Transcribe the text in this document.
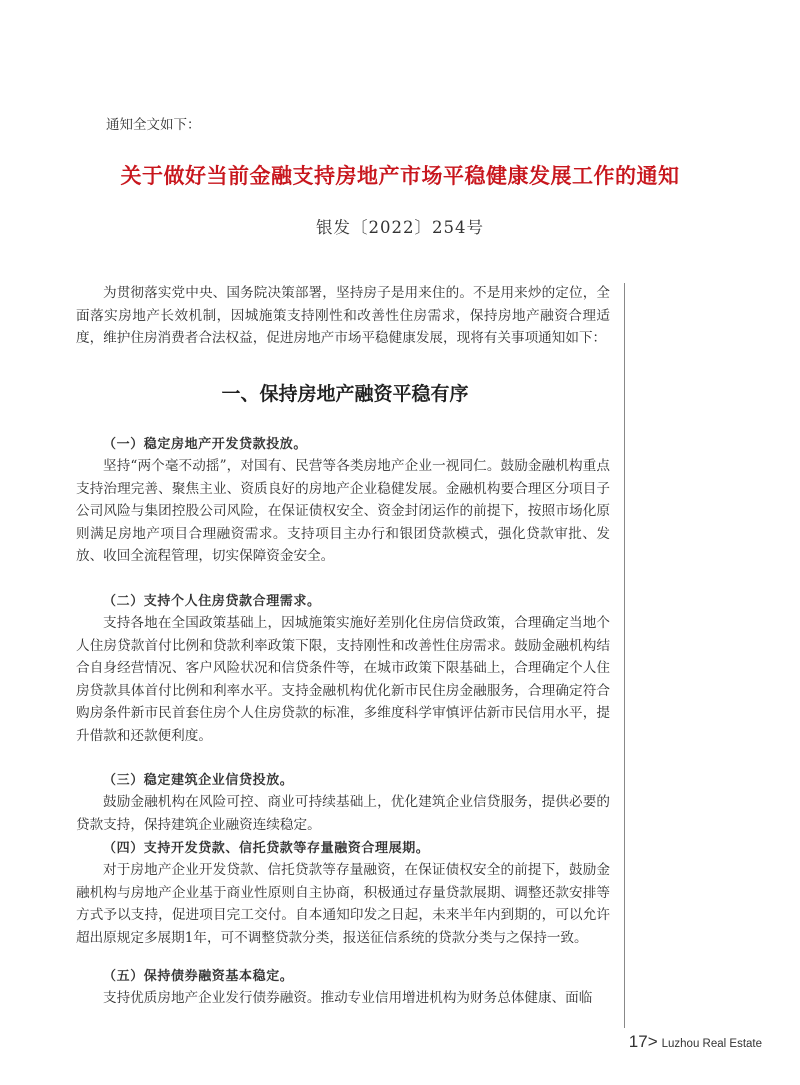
通知全文如下：
关于做好当前金融支持房地产市场平稳健康发展工作的通知
银发〔2022〕254号

为贯彻落实党中央、国务院决策部署，坚持房子是用来住的。不是用来炒的定位，全面落实房地产长效机制，因城施策支持刚性和改善性住房需求，保持房地产融资合理适度，维护住房消费者合法权益，促进房地产市场平稳健康发展，现将有关事项通知如下：

一、保持房地产融资平稳有序
（一）稳定房地产开发贷款投放。

坚持“两个毫不动摇”，对国有、民营等各类房地产企业一视同仁。鼓励金融机构重点支持治理完善、聚焦主业、资质良好的房地产企业稳健发展。金融机构要合理区分项目子公司风险与集团控股公司风险，在保证债权安全、资金封闭运作的前提下，按照市场化原则满足房地产项目合理融资需求。支持项目主办行和银团贷款模式，强化贷款审批、发放、收回全流程管理，切实保障资金安全。

（二）支持个人住房贷款合理需求。

支持各地在全国政策基础上，因城施策实施好差别化住房信贷政策，合理确定当地个人住房贷款首付比例和贷款利率政策下限，支持刚性和改善性住房需求。鼓励金融机构结合自身经营情况、客户风险状况和信贷条件等，在城市政策下限基础上，合理确定个人住房贷款具体首付比例和利率水平。支持金融机构优化新市民住房金融服务，合理确定符合购房条件新市民首套住房个人住房贷款的标准，多维度科学审慎评估新市民信用水平，提升借款和还款便利度。

（三）稳定建筑企业信贷投放。

鼓励金融机构在风险可控、商业可持续基础上，优化建筑企业信贷服务，提供必要的贷款支持，保持建筑企业融资连续稳定。

（四）支持开发贷款、信托贷款等存量融资合理展期。

对于房地产企业开发贷款、信托贷款等存量融资，在保证债权安全的前提下，鼓励金融机构与房地产企业基于商业性原则自主协商，积极通过存量贷款展期、调整还款安排等方式予以支持，促进项目完工交付。自本通知印发之日起，未来半年内到期的，可以允许超出原规定多展期1年，可不调整贷款分类，报送征信系统的贷款分类与之保持一致。

（五）保持债券融资基本稳定。

支持优质房地产企业发行债券融资。推动专业信用增进机构为财务总体健康、面临

17> Luzhou Real Estate
